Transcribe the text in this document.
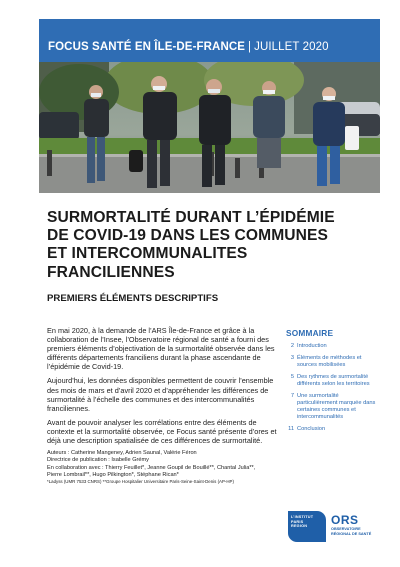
FOCUS SANTÉ EN ÎLE-DE-FRANCE | JUILLET 2020
SURMORTALITÉ DURANT L’ÉPIDÉMIE
DE COVID-19 DANS LES COMMUNES
ET INTERCOMMUNALITES
FRANCILIENNES
PREMIERS ÉLÉMENTS DESCRIPTIFS

En mai 2020, à la demande de l’ARS Île-de-France et grâce à la collaboration de l’Insee, l’Observatoire régional de santé a fourni des premiers éléments d’objectivation de la surmortalité observée dans les différents départements franciliens durant la phase ascendante de l’épidémie de Covid-19.

Aujourd’hui, les données disponibles permettent de couvrir l’ensemble des mois de mars et d’avril 2020 et d’appréhender les différences de surmortalité à l’échelle des communes et des intercommunalités franciliennes.

Avant de pouvoir analyser les corrélations entre des éléments de contexte et la surmortalité observée, ce Focus santé présente d’ores et déjà une description spatialisée de ces différences de surmortalité.

Auteurs : Catherine Mangeney, Adrien Saunal, Valérie Féron
Directrice de publication : Isabelle Grémy
En collaboration avec : Thierry Feuillet*, Jeanne Goupil de Bouillé**, Chantal Julia**,
Pierre Lombrail**, Hugo Pilkington*, Stéphane Rican*
*Ladyss (UMR 7533 CNRS) **Groupe Hospitalier Universitaire Paris-Seine-Saint-Denis (AP-HP)
SOMMAIRE
2 Introduction
3 Éléments de méthodes et sources mobilisées
5 Des rythmes de surmortalité différents selon les territoires
7 Une surmortalité particulièrement marquée dans certaines communes et intercommunalités
11 Conclusion
L’INSTITUT
PARIS
REGION	ORS
OBSERVATOIRE
RÉGIONAL DE SANTÉ
